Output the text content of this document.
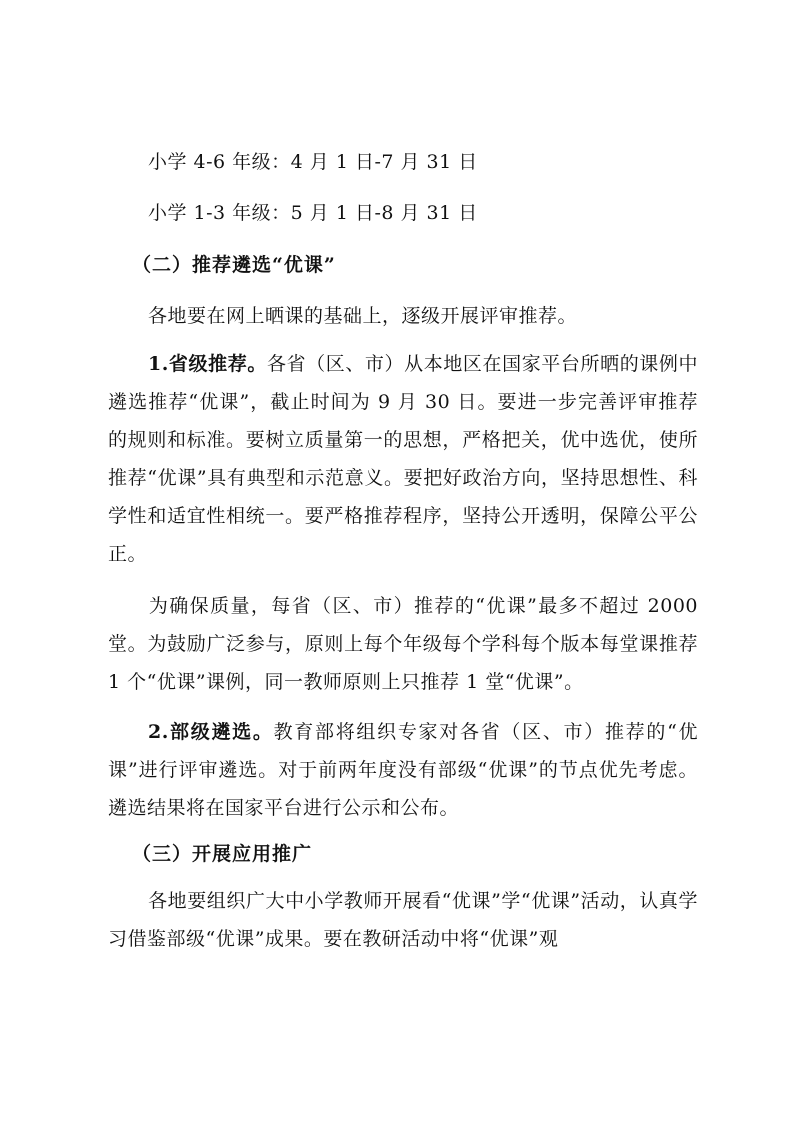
小学 4-6 年级：4 月 1 日-7 月 31 日
小学 1-3 年级：5 月 1 日-8 月 31 日
（二）推荐遴选“优课”
各地要在网上晒课的基础上，逐级开展评审推荐。
1.省级推荐。各省（区、市）从本地区在国家平台所晒的课例中遴选推荐“优课”，截止时间为 9 月 30 日。要进一步完善评审推荐的规则和标准。要树立质量第一的思想，严格把关，优中选优，使所推荐“优课”具有典型和示范意义。要把好政治方向，坚持思想性、科学性和适宜性相统一。要严格推荐程序，坚持公开透明，保障公平公正。
为确保质量，每省（区、市）推荐的“优课”最多不超过 2000 堂。为鼓励广泛参与，原则上每个年级每个学科每个版本每堂课推荐 1 个“优课”课例，同一教师原则上只推荐 1 堂“优课”。
2.部级遴选。教育部将组织专家对各省（区、市）推荐的“优课”进行评审遴选。对于前两年度没有部级“优课”的节点优先考虑。遴选结果将在国家平台进行公示和公布。
（三）开展应用推广
各地要组织广大中小学教师开展看“优课”学“优课”活动，认真学习借鉴部级“优课”成果。要在教研活动中将“优课”观
